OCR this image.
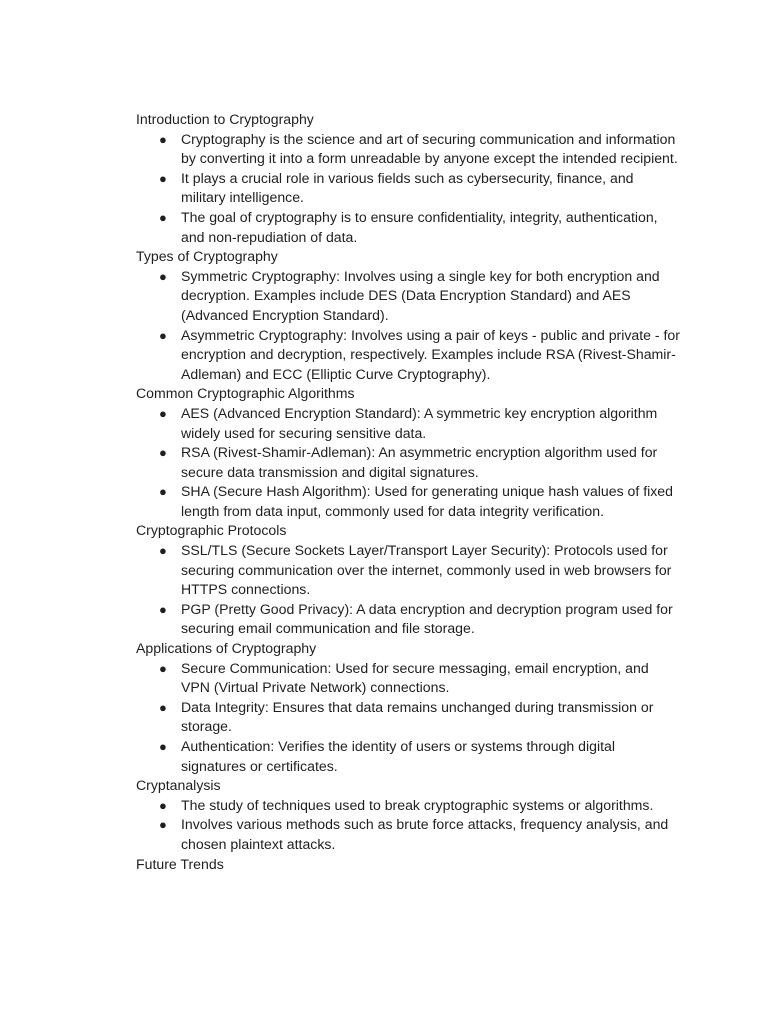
Introduction to Cryptography
● Cryptography is the science and art of securing communication and information by converting it into a form unreadable by anyone except the intended recipient.
● It plays a crucial role in various fields such as cybersecurity, finance, and military intelligence.
● The goal of cryptography is to ensure confidentiality, integrity, authentication, and non-repudiation of data.
Types of Cryptography
● Symmetric Cryptography: Involves using a single key for both encryption and decryption. Examples include DES (Data Encryption Standard) and AES (Advanced Encryption Standard).
● Asymmetric Cryptography: Involves using a pair of keys - public and private - for encryption and decryption, respectively. Examples include RSA (Rivest-Shamir-Adleman) and ECC (Elliptic Curve Cryptography).
Common Cryptographic Algorithms
● AES (Advanced Encryption Standard): A symmetric key encryption algorithm widely used for securing sensitive data.
● RSA (Rivest-Shamir-Adleman): An asymmetric encryption algorithm used for secure data transmission and digital signatures.
● SHA (Secure Hash Algorithm): Used for generating unique hash values of fixed length from data input, commonly used for data integrity verification.
Cryptographic Protocols
● SSL/TLS (Secure Sockets Layer/Transport Layer Security): Protocols used for securing communication over the internet, commonly used in web browsers for HTTPS connections.
● PGP (Pretty Good Privacy): A data encryption and decryption program used for securing email communication and file storage.
Applications of Cryptography
● Secure Communication: Used for secure messaging, email encryption, and VPN (Virtual Private Network) connections.
● Data Integrity: Ensures that data remains unchanged during transmission or storage.
● Authentication: Verifies the identity of users or systems through digital signatures or certificates.
Cryptanalysis
● The study of techniques used to break cryptographic systems or algorithms.
● Involves various methods such as brute force attacks, frequency analysis, and chosen plaintext attacks.
Future Trends
